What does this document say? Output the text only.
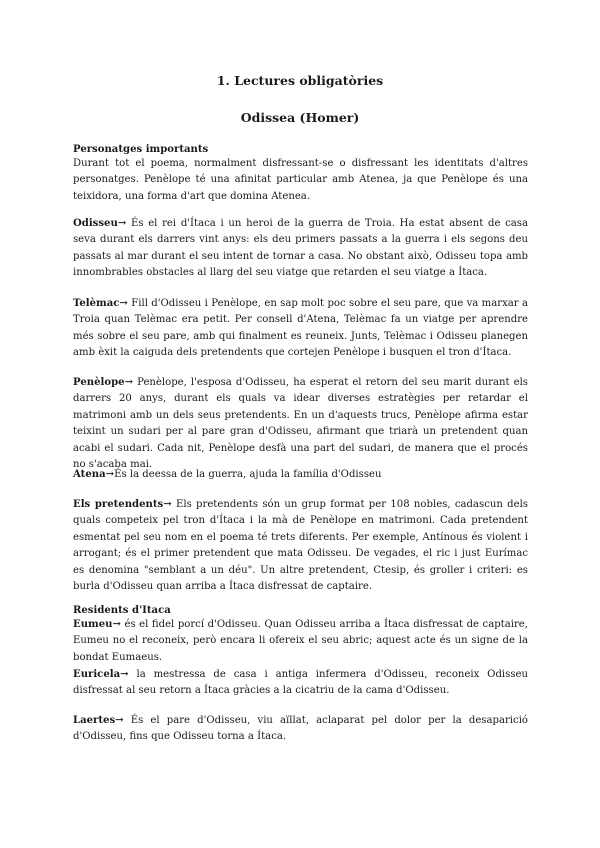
1. Lectures obligatòries
Odissea (Homer)
Personatges importants
Durant tot el poema, normalment disfressant-se o disfressant les identitats d'altres personatges. Penèlope té una afinitat particular amb Atenea, ja que Penèlope és una teixidora, una forma d'art que domina Atenea.
Odisseu→ És el rei d'Ítaca i un heroi de la guerra de Troia. Ha estat absent de casa seva durant els darrers vint anys: els deu primers passats a la guerra i els segons deu passats al mar durant el seu intent de tornar a casa. No obstant això, Odisseu topa amb innombrables obstacles al llarg del seu viatge que retarden el seu viatge a Ítaca.
Telèmac→ Fill d'Odisseu i Penèlope, en sap molt poc sobre el seu pare, que va marxar a Troia quan Telèmac era petit. Per consell d'Atena, Telèmac fa un viatge per aprendre més sobre el seu pare, amb qui finalment es reuneix. Junts, Telèmac i Odisseu planegen amb èxit la caiguda dels pretendents que cortejen Penèlope i busquen el tron d'Ítaca.
Penèlope→ Penèlope, l'esposa d'Odisseu, ha esperat el retorn del seu marit durant els darrers 20 anys, durant els quals va idear diverses estratègies per retardar el matrimoni amb un dels seus pretendents. En un d'aquests trucs, Penèlope afirma estar teixint un sudari per al pare gran d'Odisseu, afirmant que triarà un pretendent quan acabi el sudari. Cada nit, Penèlope desfà una part del sudari, de manera que el procés no s'acaba mai.
Atena→És la deessa de la guerra, ajuda la família d'Odisseu
Els pretendents→ Els pretendents són un grup format per 108 nobles, cadascun dels quals competeix pel tron d'Ítaca i la mà de Penèlope en matrimoni. Cada pretendent esmentat pel seu nom en el poema té trets diferents. Per exemple, Antínous és violent i arrogant; és el primer pretendent que mata Odisseu. De vegades, el ric i just Eurímac es denomina "semblant a un déu". Un altre pretendent, Ctesip, és groller i criteri: es burla d'Odisseu quan arriba a Ítaca disfressat de captaire.
Residents d'Itaca
Eumeu→ és el fidel porcí d'Odisseu. Quan Odisseu arriba a Ítaca disfressat de captaire, Eumeu no el reconeix, però encara li ofereix el seu abric; aquest acte és un signe de la bondat Eumaeus.
Euricela→ la mestressa de casa i antiga infermera d'Odisseu, reconeix Odisseu disfressat al seu retorn a Ítaca gràcies a la cicatriu de la cama d'Odisseu.
Laertes→ És el pare d'Odisseu, viu aïllat, aclaparat pel dolor per la desaparició d'Odisseu, fins que Odisseu torna a Ítaca.
